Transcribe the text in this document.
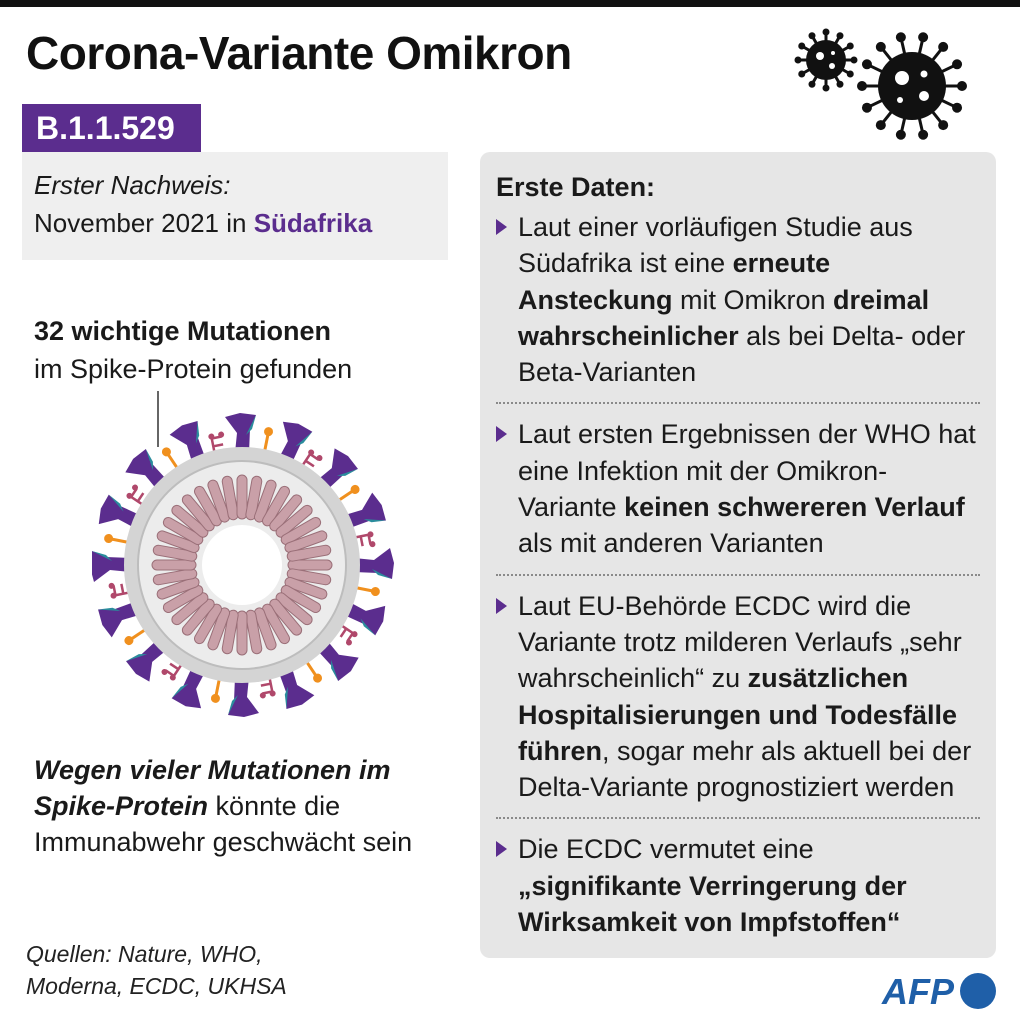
Corona-Variante Omikron
B.1.1.529
Erster Nachweis:
November 2021 in Südafrika
32 wichtige Mutationen
im Spike-Protein gefunden
Wegen vieler Mutationen im Spike-Protein könnte die Immunabwehr geschwächt sein
Quellen: Nature, WHO,
Moderna, ECDC, UKHSA
Erste Daten:
Laut einer vorläufigen Studie aus Südafrika ist eine erneute Ansteckung mit Omikron dreimal wahrscheinlicher als bei Delta- oder Beta-Varianten
Laut ersten Ergebnissen der WHO hat eine Infektion mit der Omikron-Variante keinen schwereren Verlauf als mit anderen Varianten
Laut EU-Behörde ECDC wird die Variante trotz milderen Verlaufs „sehr wahrscheinlich“ zu zusätzlichen Hospitalisierungen und Todesfälle führen, sogar mehr als aktuell bei der Delta-Variante prognostiziert werden
Die ECDC vermutet eine „signifikante Verringerung der Wirksamkeit von Impfstoffen“
AFP
